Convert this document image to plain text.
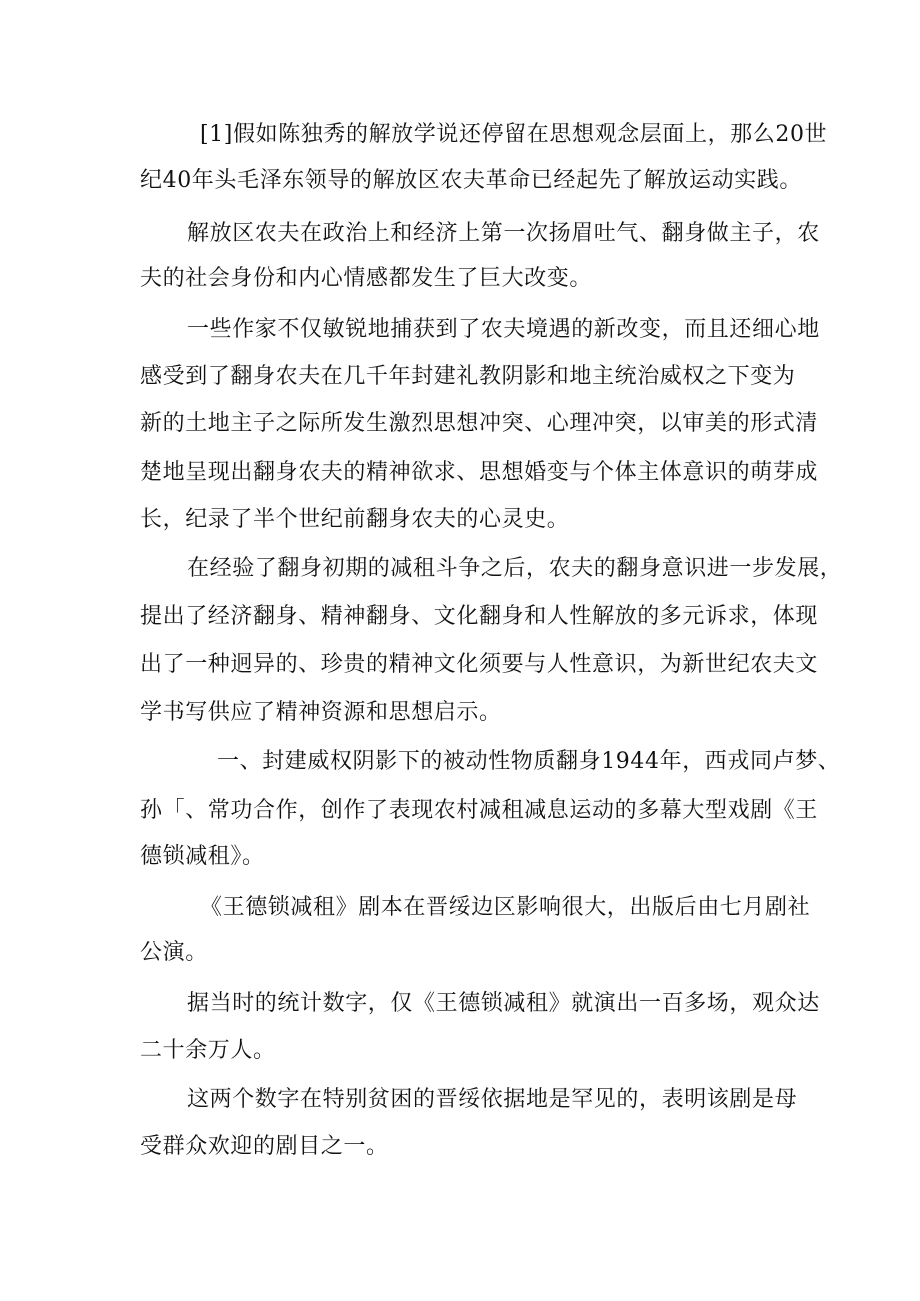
[1]假如陈独秀的解放学说还停留在思想观念层面上，那么20世
纪40年头毛泽东领导的解放区农夫革命已经起先了解放运动实践。
解放区农夫在政治上和经济上第一次扬眉吐气、翻身做主子，农
夫的社会身份和内心情感都发生了巨大改变。
一些作家不仅敏锐地捕获到了农夫境遇的新改变，而且还细心地
感受到了翻身农夫在几千年封建礼教阴影和地主统治威权之下变为
新的土地主子之际所发生激烈思想冲突、心理冲突，以审美的形式清
楚地呈现出翻身农夫的精神欲求、思想婚变与个体主体意识的萌芽成
长，纪录了半个世纪前翻身农夫的心灵史。
在经验了翻身初期的减租斗争之后，农夫的翻身意识进一步发展，
提出了经济翻身、精神翻身、文化翻身和人性解放的多元诉求，体现
出了一种迥异的、珍贵的精神文化须要与人性意识，为新世纪农夫文
学书写供应了精神资源和思想启示。
一、封建威权阴影下的被动性物质翻身1944年，西戎同卢梦、
孙「、常功合作，创作了表现农村减租减息运动的多幕大型戏剧《王
德锁减租》。
《王德锁减租》剧本在晋绥边区影响很大，出版后由七月剧社
公演。
据当时的统计数字，仅《王德锁减租》就演出一百多场，观众达
二十余万人。
这两个数字在特别贫困的晋绥依据地是罕见的，表明该剧是母
受群众欢迎的剧目之一。
